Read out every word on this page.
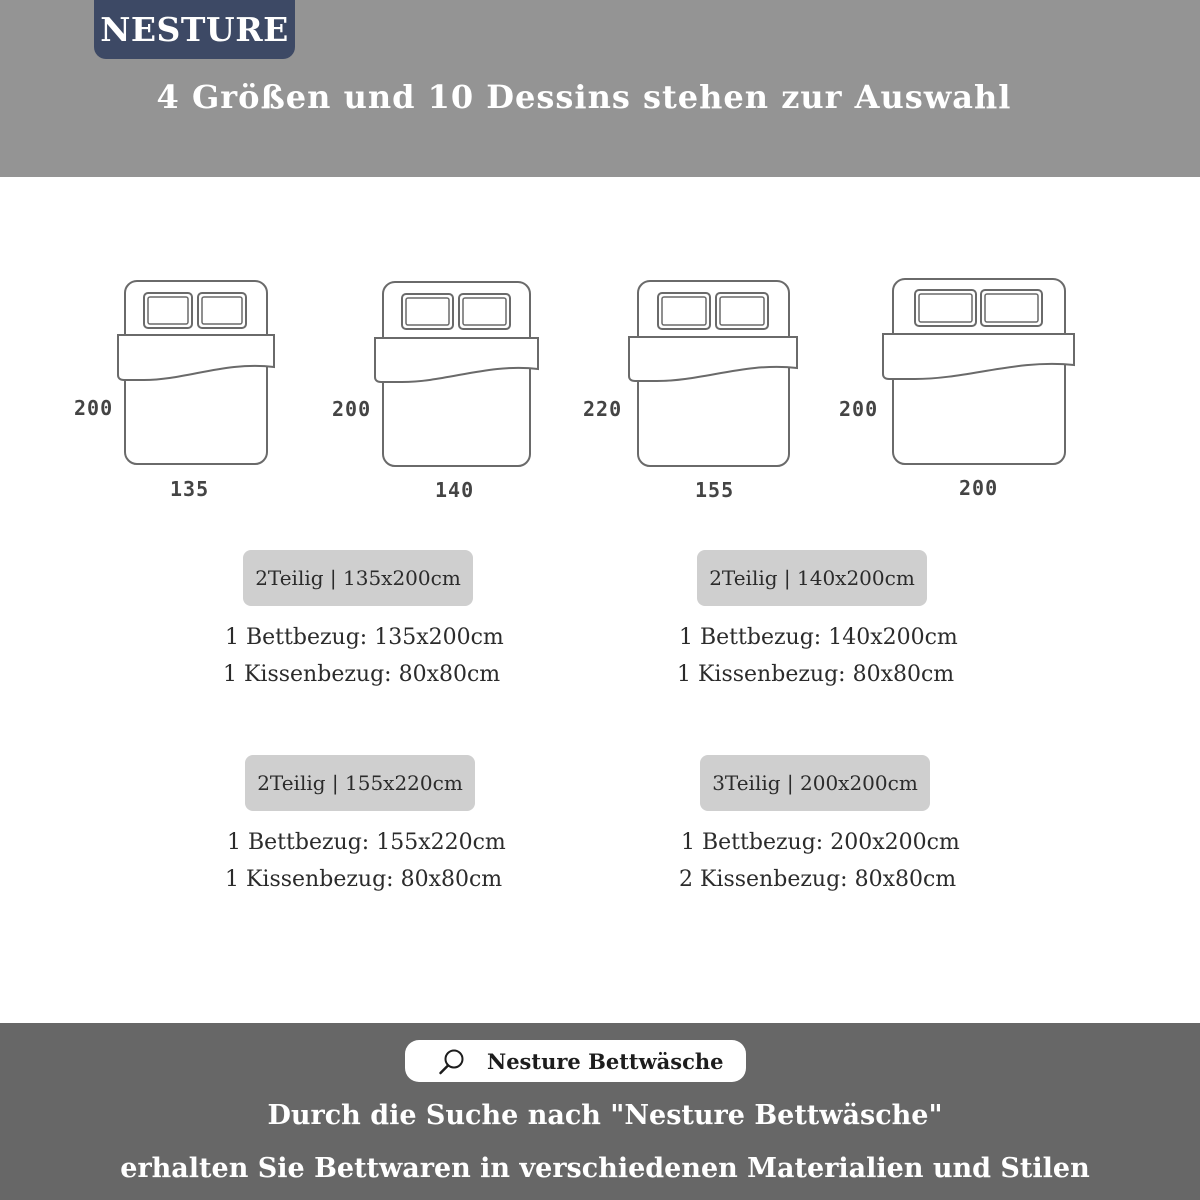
NESTURE
4 Größen und 10 Dessins stehen zur Auswahl
200
135
200
140
220
155
200
200
2Teilig | 135x200cm
1 Bettbezug: 135x200cm
1 Kissenbezug: 80x80cm
2Teilig | 140x200cm
1 Bettbezug: 140x200cm
1 Kissenbezug: 80x80cm
2Teilig | 155x220cm
1 Bettbezug: 155x220cm
1 Kissenbezug: 80x80cm
3Teilig | 200x200cm
1 Bettbezug: 200x200cm
2 Kissenbezug: 80x80cm
Nesture Bettwäsche
Durch die Suche nach "Nesture Bettwäsche"
erhalten Sie Bettwaren in verschiedenen Materialien und Stilen
